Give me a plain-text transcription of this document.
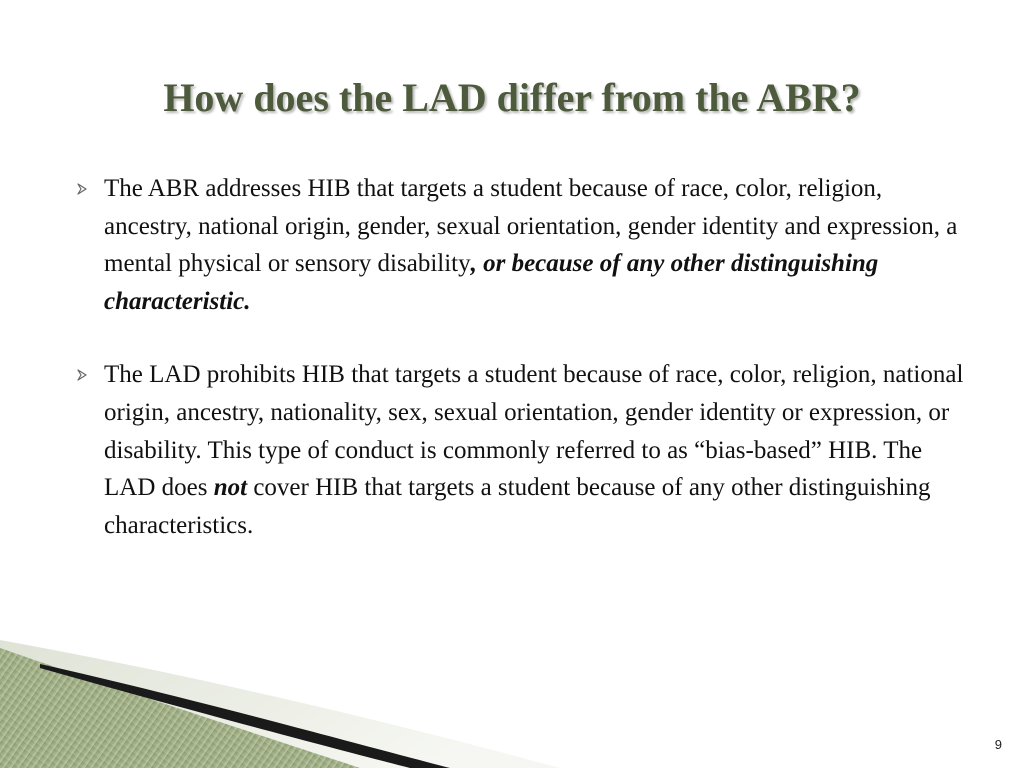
How does the LAD differ from the ABR?

The ABR addresses HIB that targets a student because of race, color, religion, ancestry, national origin, gender, sexual orientation, gender identity and expression, a mental physical or sensory disability, or because of any other distinguishing characteristic.

The LAD prohibits HIB that targets a student because of race, color, religion, national origin, ancestry, nationality, sex, sexual orientation, gender identity or expression, or disability. This type of conduct is commonly referred to as “bias-based” HIB. The LAD does not cover HIB that targets a student because of any other distinguishing characteristics.

9
